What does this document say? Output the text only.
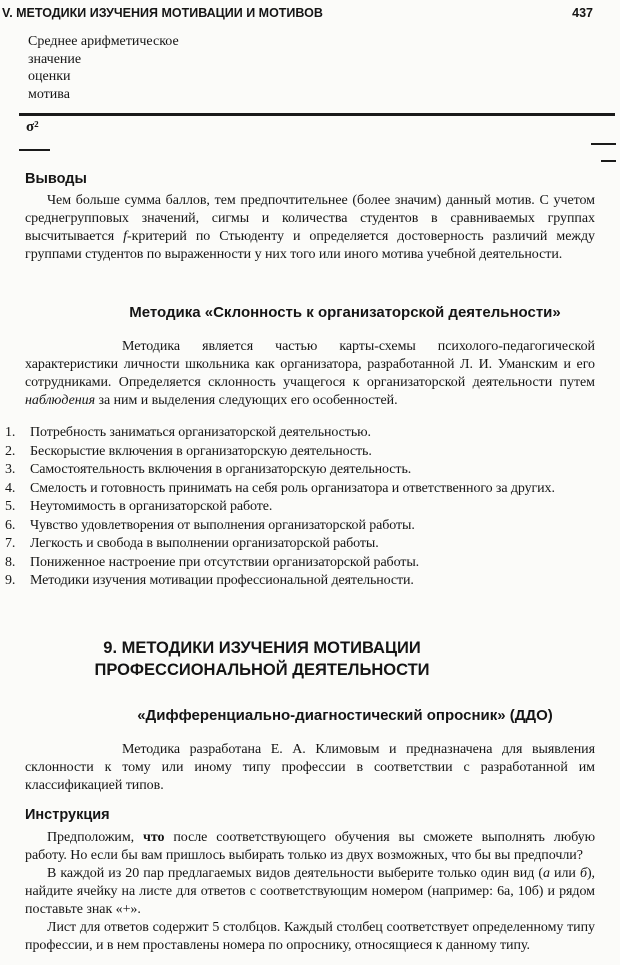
V. МЕТОДИКИ ИЗУЧЕНИЯ МОТИВАЦИИ И МОТИВОВ	437
Среднее арифметическое
значение
оценки
мотива
σ²
Выводы

Чем больше сумма баллов, тем предпочтительнее (более значим) данный мотив. С учетом среднегрупповых значений, сигмы и количества студентов в сравниваемых группах высчитывается f-критерий по Стьюденту и определяется достоверность различий между группами студентов по выраженности у них того или иного мотива учебной деятельности.

Методика «Склонность к организаторской деятельности»

Методика является частью карты-схемы психолого-педагогической характеристики личности школьника как организатора, разработанной Л. И. Уманским и его сотрудниками. Определяется склонность учащегося к организаторской деятельности путем наблюдения за ним и выделения следующих его особенностей.

1.	Потребность заниматься организаторской деятельностью.
2.	Бескорыстие включения в организаторскую деятельность.
3.	Самостоятельность включения в организаторскую деятельность.
4.	Смелость и готовность принимать на себя роль организатора и ответственного за других.
5.	Неутомимость в организаторской работе.
6.	Чувство удовлетворения от выполнения организаторской работы.
7.	Легкость и свобода в выполнении организаторской работы.
8.	Пониженное настроение при отсутствии организаторской работы.
9.	Методики изучения мотивации профессиональной деятельности.
9. МЕТОДИКИ ИЗУЧЕНИЯ МОТИВАЦИИ
ПРОФЕССИОНАЛЬНОЙ ДЕЯТЕЛЬНОСТИ
«Дифференциально-диагностический опросник» (ДДО)

Методика разработана Е. А. Климовым и предназначена для выявления склонности к тому или иному типу профессии в соответствии с разработанной им классификацией типов.

Инструкция

Предположим, что после соответствующего обучения вы сможете выполнять любую работу. Но если бы вам пришлось выбирать только из двух возможных, что бы вы предпочли?

В каждой из 20 пар предлагаемых видов деятельности выберите только один вид (а или б), найдите ячейку на листе для ответов с соответствующим номером (например: 6а, 10б) и рядом поставьте знак «+».

Лист для ответов содержит 5 столбцов. Каждый столбец соответствует определенному типу профессии, и в нем проставлены номера по опроснику, относящиеся к данному типу.
